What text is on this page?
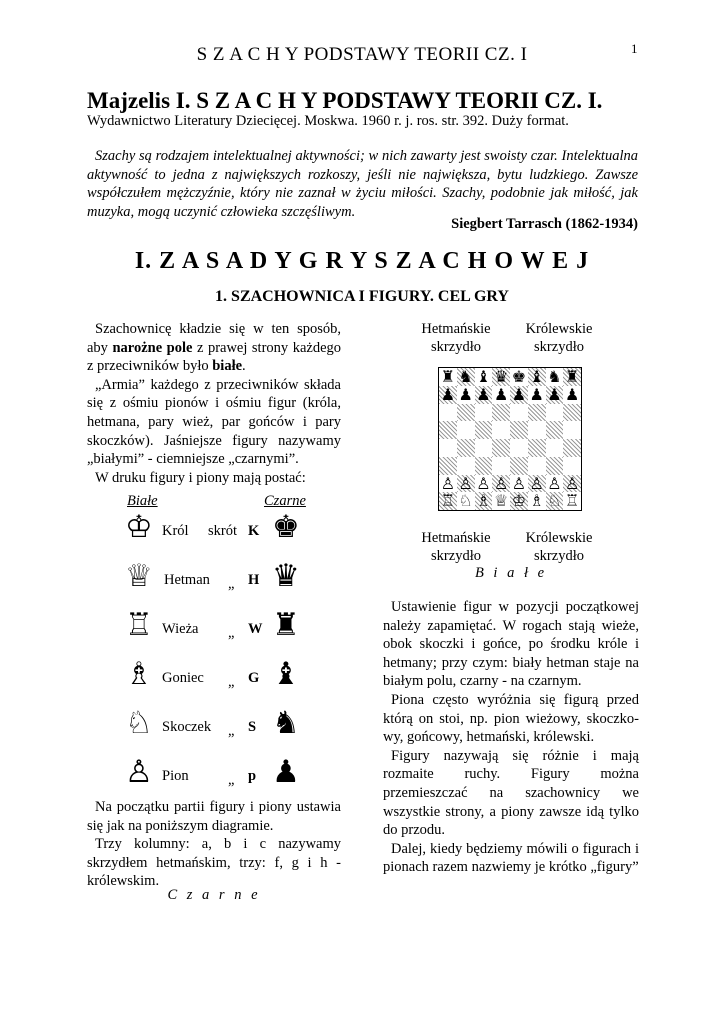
S Z A C H Y PODSTAWY TEORII CZ. I	1
Majzelis I. S Z A C H Y PODSTAWY TEORII CZ. I.
Wydawnictwo Literatury Dziecięcej. Moskwa. 1960 r. j. ros. str. 392. Duży format.

Szachy są rodzajem intelektualnej aktywności; w nich zawarty jest swoisty czar. Intelektualna aktywność to jedna z największych rozkoszy, jeśli nie największa, bytu ludzkiego. Zawsze współczułem mężczyźnie, który nie zaznał w życiu miłości. Szachy, podobnie jak miłość, jak muzyka, mogą uczynić człowieka szczęśliwym.

Siegbert Tarrasch (1862-1934)
I. Z A S A D Y G R Y S Z A C H O W E J
1. SZACHOWNICA I FIGURY. CEL GRY

Szachownicę kładzie się w ten sposób, aby narożne pole z prawej strony każdego z przeciwników było białe.

„Armia” każdego z przeciwników składa się z ośmiu pionów i ośmiu figur (króla, hetmana, pary wież, par gońców i pary skoczków). Jaśniejsze figury nazywamy „białymi” - ciemniejsze „czarnymi”.

W druku figury i piony mają postać:

Białe	Czarne
♔ Król skrót K ♚
♕ Hetman „ H ♛
♖ Wieża „ W ♜
♗ Goniec „ G ♝
♘ Skoczek „ S ♞
♙ Pion	„ p ♟

Na początku partii figury i piony ustawia się jak na poniższym diagramie.

Trzy kolumny: a, b i c nazywamy skrzydłem hetmańskim, trzy: f, g i h - królewskim.

C z a r n e
Hetmańskie skrzydło
Królewskie skrzydło
♜ ♞ ♝ ♛ ♚ ♝ ♞ ♜
♟ ♟ ♟ ♟ ♟ ♟ ♟ ♟
♙ ♙ ♙ ♙ ♙ ♙ ♙ ♙
♖ ♘ ♗ ♕ ♔ ♗ ♘ ♖
Hetmańskie skrzydło
Królewskie skrzydło
B i a ł e

Ustawienie figur w pozycji początkowej należy zapamiętać. W rogach stają wieże, obok skoczki i gońce, po środku króle i hetmany; przy czym: biały hetman staje na białym polu, czarny - na czarnym.

Piona często wyróżnia się figurą przed którą on stoi, np. pion wieżowy, skoczko-wy, gońcowy, hetmański, królewski.

Figury nazywają się różnie i mają rozmaite ruchy. Figury można przemieszczać na szachownicy we wszystkie strony, a piony zawsze idą tylko do przodu.

Dalej, kiedy będziemy mówili o figurach i pionach razem nazwiemy je krótko „figury”
